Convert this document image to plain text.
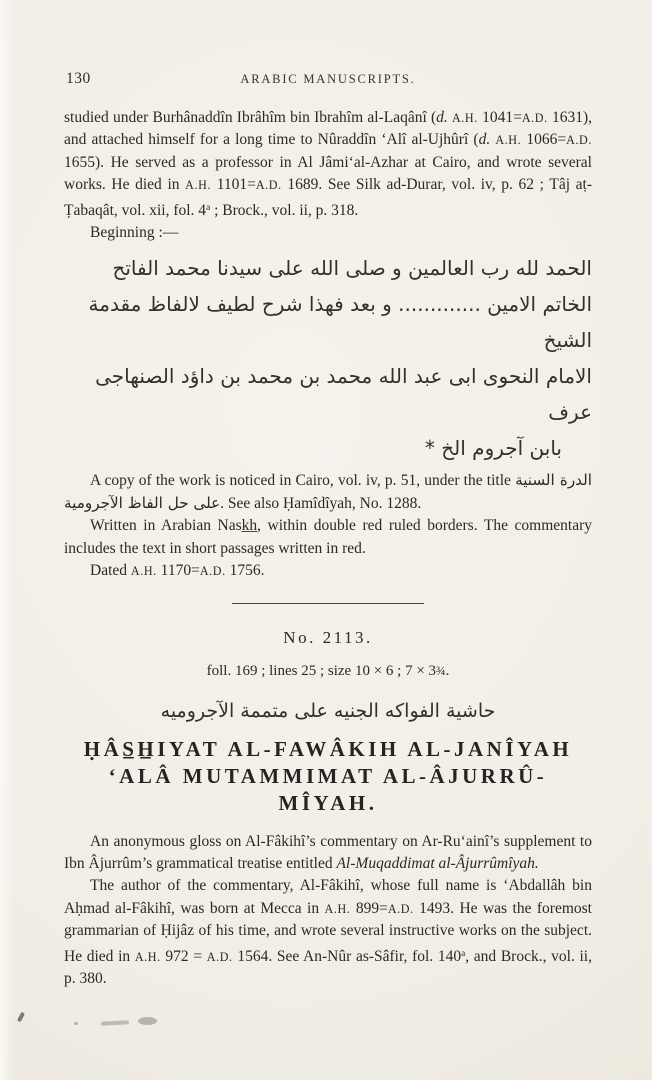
130	ARABIC MANUSCRIPTS.

studied under Burhânaddîn Ibrâhîm bin Ibrahîm al-Laqânî (d. A.H. 1041=A.D. 1631), and attached himself for a long time to Nûraddîn ‘Alî al-Ujhûrî (d. A.H. 1066=A.D. 1655). He served as a professor in Al Jâmi‘al-Azhar at Cairo, and wrote several works. He died in A.H. 1101=A.D. 1689. See Silk ad-Durar, vol. iv, p. 62 ; Tâj aṭ-Ṭabaqât, vol. xii, fol. 4$^a$ ; Brock., vol. ii, p. 318.

Beginning :—

الحمد لله رب العالمين و صلى الله على سيدنا محمد الفاتح
الخاتم الامين ............. و بعد فهذا شرح لطيف لالفاظ مقدمة الشيخ
الامام النحوى ابى عبد الله محمد بن محمد بن داؤد الصنهاجى عرف
بابن آجروم الخ *

A copy of the work is noticed in Cairo, vol. iv, p. 51, under the title الدرة السنية على حل الفاظ الآجرومية. See also Ḥamîdîyah, No. 1288.

Written in Arabian Nask̲h̲, within double red ruled borders. The commentary includes the text in short passages written in red.

Dated A.H. 1170=A.D. 1756.

No. 2113.

foll. 169 ; lines 25 ; size 10 × 6 ; 7 × 3¾.

حاشية الفواكه الجنيه على متممة الآجروميه

ḤÂS̲H̲IYAT AL-FAWÂKIH AL-JANÎYAH
‘ALÂ MUTAMMIMAT AL-ÂJURRÛ-
MÎYAH.

An anonymous gloss on Al-Fâkihî’s commentary on Ar-Ru‘ainî’s supplement to Ibn Âjurrûm’s grammatical treatise entitled Al-Muqaddimat al-Âjurrûmîyah.

The author of the commentary, Al-Fâkihî, whose full name is ‘Abdallâh bin Aḥmad al-Fâkihî, was born at Mecca in A.H. 899=A.D. 1493. He was the foremost grammarian of Ḥijâz of his time, and wrote several instructive works on the subject. He died in A.H. 972 = A.D. 1564. See An-Nûr as-Sâfir, fol. 140$^a$, and Brock., vol. ii, p. 380.
